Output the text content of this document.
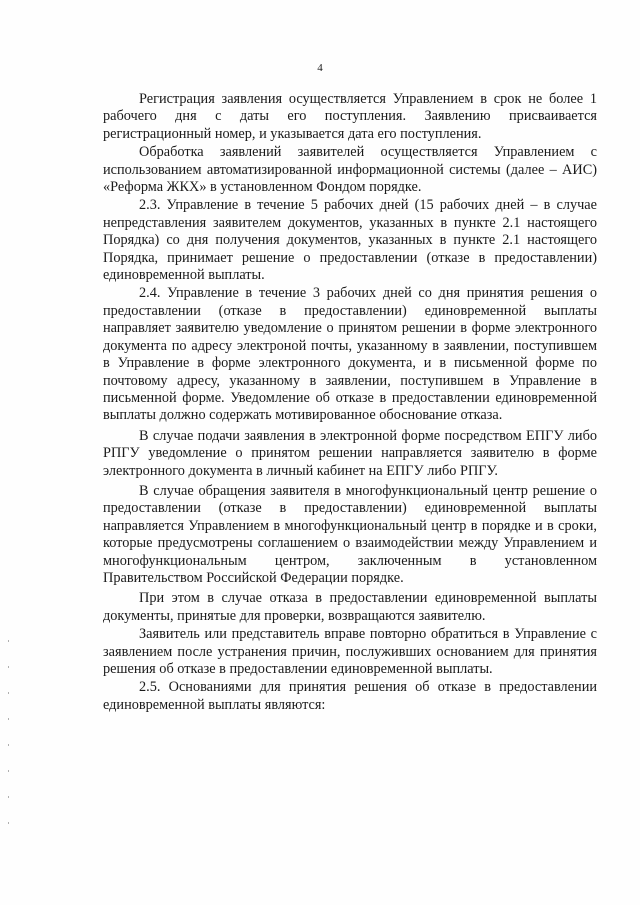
4

Регистрация заявления осуществляется Управлением в срок не более 1 рабочего дня с даты его поступления. Заявлению присваивается регистрационный номер, и указывается дата его поступления.

Обработка заявлений заявителей осуществляется Управлением с использованием автоматизированной информационной системы (далее – АИС) «Реформа ЖКХ» в установленном Фондом порядке.

2.3. Управление в течение 5 рабочих дней (15 рабочих дней – в случае непредставления заявителем документов, указанных в пункте 2.1 настоящего Порядка) со дня получения документов, указанных в пункте 2.1 настоящего Порядка, принимает решение о предоставлении (отказе в предоставлении) единовременной выплаты.

2.4. Управление в течение 3 рабочих дней со дня принятия решения о предоставлении (отказе в предоставлении) единовременной выплаты направляет заявителю уведомление о принятом решении в форме электронного документа по адресу электроной почты, указанному в заявлении, поступившем в Управление в форме электронного документа, и в письменной форме по почтовому адресу, указанному в заявлении, поступившем в Управление в письменной форме. Уведомление об отказе в предоставлении единовременной выплаты должно содержать мотивированное обоснование отказа.

В случае подачи заявления в электронной форме посредством ЕПГУ либо РПГУ уведомление о принятом решении направляется заявителю в форме электронного документа в личный кабинет на ЕПГУ либо РПГУ.

В случае обращения заявителя в многофункциональный центр решение о предоставлении (отказе в предоставлении) единовременной выплаты направляется Управлением в многофункциональный центр в порядке и в сроки, которые предусмотрены соглашением о взаимодействии между Управлением и многофункциональным центром, заключенным в установленном Правительством Российской Федерации порядке.

При этом в случае отказа в предоставлении единовременной выплаты документы, принятые для проверки, возвращаются заявителю.

Заявитель или представитель вправе повторно обратиться в Управление с заявлением после устранения причин, послуживших основанием для принятия решения об отказе в предоставлении единовременной выплаты.

2.5. Основаниями для принятия решения об отказе в предоставлении единовременной выплаты являются:
